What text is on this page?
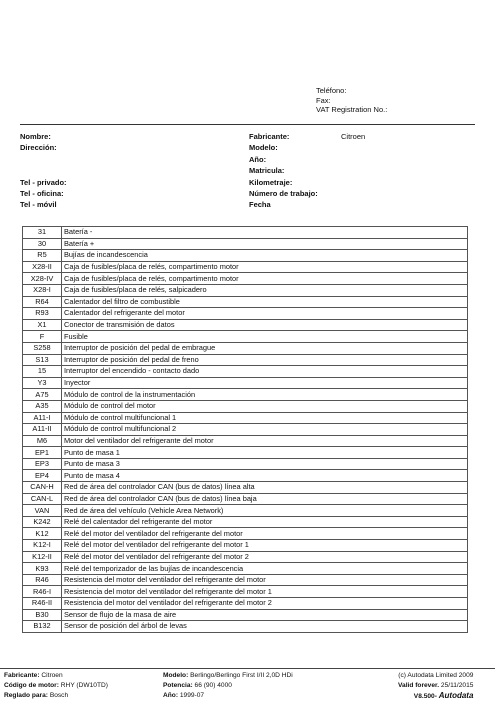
Teléfono:
Fax:
VAT Registration No.:
Nombre:
Dirección:
Tel - privado:
Tel - oficina:
Tel - móvil
Fabricante:	Citroen
Modelo:
Año:
Matricula:
Kilometraje:
Número de trabajo:
Fecha
31	Batería -
30	Batería +
R5	Bujías de incandescencia
X28-II	Caja de fusibles/placa de relés, compartimento motor
X28-IV	Caja de fusibles/placa de relés, compartimento motor
X28-I	Caja de fusibles/placa de relés, salpicadero
R64	Calentador del filtro de combustible
R93	Calentador del refrigerante del motor
X1	Conector de transmisión de datos
F	Fusible
S258	Interruptor de posición del pedal de embrague
S13	Interruptor de posición del pedal de freno
15	Interruptor del encendido - contacto dado
Y3	Inyector
A75	Módulo de control de la instrumentación
A35	Módulo de control del motor
A11-I	Módulo de control multifuncional 1
A11-II	Módulo de control multifuncional 2
M6	Motor del ventilador del refrigerante del motor
EP1	Punto de masa 1
EP3	Punto de masa 3
EP4	Punto de masa 4
CAN-H	Red de área del controlador CAN (bus de datos) línea alta
CAN-L	Red de área del controlador CAN (bus de datos) línea baja
VAN	Red de área del vehículo (Vehicle Area Network)
K242	Relé del calentador del refrigerante del motor
K12	Relé del motor del ventilador del refrigerante del motor
K12-I	Relé del motor del ventilador del refrigerante del motor 1
K12-II	Relé del motor del ventilador del refrigerante del motor 2
K93	Relé del temporizador de las bujías de incandescencia
R46	Resistencia del motor del ventilador del refrigerante del motor
R46-I	Resistencia del motor del ventilador del refrigerante del motor 1
R46-II	Resistencia del motor del ventilador del refrigerante del motor 2
B30	Sensor de flujo de la masa de aire
B132	Sensor de posición del árbol de levas
Fabricante: Citroen
Código de motor: RHY (DW10TD)
Reglado para: Bosch
Modelo: Berlingo/Berlingo First I/II 2,0D HDi
Potencia: 66 (90) 4000
Año: 1999-07
(c) Autodata Limited 2009
Valid forever. 25/11/2015
V8.500- Autodata
